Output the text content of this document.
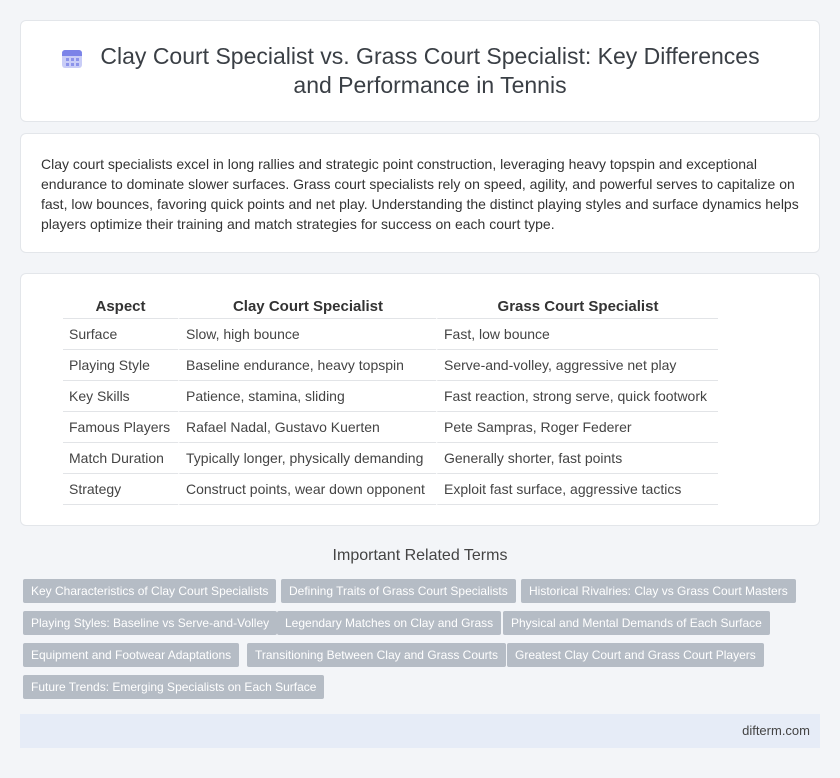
Clay Court Specialist vs. Grass Court Specialist: Key Differences and Performance in Tennis

Clay court specialists excel in long rallies and strategic point construction, leveraging heavy topspin and exceptional endurance to dominate slower surfaces. Grass court specialists rely on speed, agility, and powerful serves to capitalize on fast, low bounces, favoring quick points and net play. Understanding the distinct playing styles and surface dynamics helps players optimize their training and match strategies for success on each court type.

Aspect	Clay Court Specialist	Grass Court Specialist
Surface	Slow, high bounce	Fast, low bounce
Playing Style	Baseline endurance, heavy topspin	Serve-and-volley, aggressive net play
Key Skills	Patience, stamina, sliding	Fast reaction, strong serve, quick footwork
Famous Players	Rafael Nadal, Gustavo Kuerten	Pete Sampras, Roger Federer
Match Duration	Typically longer, physically demanding	Generally shorter, fast points
Strategy	Construct points, wear down opponent	Exploit fast surface, aggressive tactics
Important Related Terms
Key Characteristics of Clay Court Specialists	Defining Traits of Grass Court Specialists	Historical Rivalries: Clay vs Grass Court Masters
Playing Styles: Baseline vs Serve-and-Volley	Legendary Matches on Clay and Grass	Physical and Mental Demands of Each Surface
Equipment and Footwear Adaptations	Transitioning Between Clay and Grass Courts	Greatest Clay Court and Grass Court Players
Future Trends: Emerging Specialists on Each Surface
difterm.com
